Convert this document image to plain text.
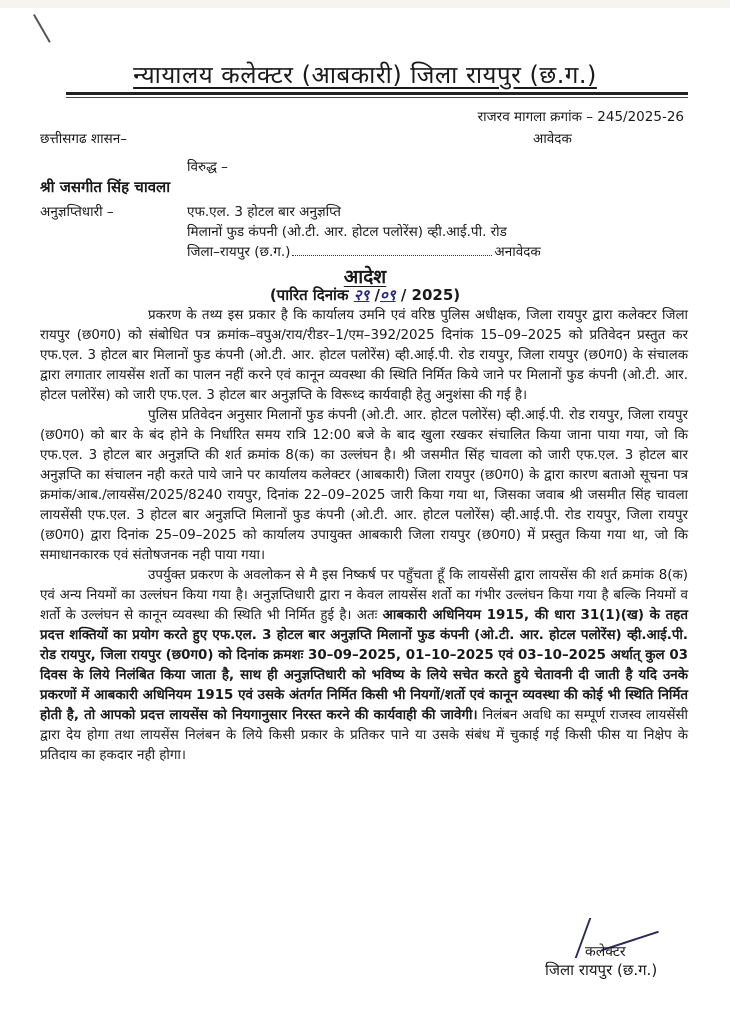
न्यायालय कलेक्टर (आबकारी) जिला रायपुर (छ.ग.)
राजरव मागला क्रगांक – 245/2025-26
छत्तीसगढ शासन–	आवेदक
विरुद्ध –
श्री जसगीत सिंह चावला
अनुज्ञप्तिधारी –	एफ.एल. 3 होटल बार अनुज्ञप्ति
मिलानों फुड कंपनी (ओ.टी. आर. होटल पलोरेंस) व्ही.आई.पी. रोड
जिला–रायपुर (छ.ग.)	अनावेदक
आदेश
(पारित दिनांक २९ /०९ / 2025)

प्रकरण के तथ्य इस प्रकार है कि कार्यालय उमनि एवं वरिष्ठ पुलिस अधीक्षक, जिला रायपुर द्वारा कलेक्टर जिला रायपुर (छ0ग0) को संबोधित पत्र क्रमांक–वपुअ/राय/रीडर–1/एम–392/2025 दिनांक 15–09–2025 को प्रतिवेदन प्रस्तुत कर एफ.एल. 3 होटल बार मिलानों फुड कंपनी (ओ.टी. आर. होटल पलोरेंस) व्ही.आई.पी. रोड रायपुर, जिला रायपुर (छ0ग0) के संचालक द्वारा लगातार लायसेंस शर्तो का पालन नहीं करने एवं कानून व्यवस्था की स्थिति निर्मित किये जाने पर मिलानों फुड कंपनी (ओ.टी. आर. होटल पलोरेंस) को जारी एफ.एल. 3 होटल बार अनुज्ञप्ति के विरूध्द कार्यवाही हेतु अनुशंसा की गई है।

पुलिस प्रतिवेदन अनुसार मिलानों फुड कंपनी (ओ.टी. आर. होटल पलोरेंस) व्ही.आई.पी. रोड रायपुर, जिला रायपुर (छ0ग0) को बार के बंद होने के निर्धारित समय रात्रि 12:00 बजे के बाद खुला रखकर संचालित किया जाना पाया गया, जो कि एफ.एल. 3 होटल बार अनुज्ञप्ति की शर्त क्रमांक 8(क) का उल्लंघन है। श्री जसमीत सिंह चावला को जारी एफ.एल. 3 होटल बार अनुज्ञप्ति का संचालन नही करते पाये जाने पर कार्यालय कलेक्टर (आबकारी) जिला रायपुर (छ0ग0) के द्वारा कारण बताओ सूचना पत्र क्रमांक/आब./लायसेंस/2025/8240 रायपुर, दिनांक 22–09–2025 जारी किया गया था, जिसका जवाब श्री जसमीत सिंह चावला लायसेंसी एफ.एल. 3 होटल बार अनुज्ञप्ति मिलानों फुड कंपनी (ओ.टी. आर. होटल पलोरेंस) व्ही.आई.पी. रोड रायपुर, जिला रायपुर (छ0ग0) द्वारा दिनांक 25–09–2025 को कार्यालय उपायुक्त आबकारी जिला रायपुर (छ0ग0) में प्रस्तुत किया गया था, जो कि समाधानकारक एवं संतोषजनक नही पाया गया।

उपर्युक्त प्रकरण के अवलोकन से मै इस निष्कर्ष पर पहुँचता हूँ कि लायसेंसी द्वारा लायसेंस की शर्त क्रमांक 8(क) एवं अन्य नियमों का उल्लंघन किया गया है। अनुज्ञप्तिधारी द्वारा न केवल लायसेंस शर्तो का गंभीर उल्लंघन किया गया है बल्कि नियमों व शर्तो के उल्लंघन से कानून व्यवस्था की स्थिति भी निर्मित हुई है। अतः आबकारी अधिनियम 1915, की धारा 31(1)(ख) के तहत प्रदत्त शक्तियों का प्रयोग करते हुए एफ.एल. 3 होटल बार अनुज्ञप्ति मिलानों फुड कंपनी (ओ.टी. आर. होटल पलोरेंस) व्ही.आई.पी. रोड रायपुर, जिला रायपुर (छ0ग0) को दिनांक क्रमशः 30–09–2025, 01–10–2025 एवं 03–10–2025 अर्थात् कुल 03 दिवस के लिये निलंबित किया जाता है, साथ ही अनुज्ञप्तिधारी को भविष्य के लिये सचेत करते हुये चेतावनी दी जाती है यदि उनके प्रकरणों में आबकारी अधिनियम 1915 एवं उसके अंतर्गत निर्मित किसी भी नियगों/शर्तो एवं कानून व्यवस्था की कोई भी स्थिति निर्मित होती है, तो आपको प्रदत्त लायसेंस को नियगानुसार निरस्त करने की कार्यवाही की जावेगी। निलंबन अवधि का सम्पूर्ण राजस्व लायसेंसी द्वारा देय होगा तथा लायसेंस निलंबन के लिये किसी प्रकार के प्रतिकर पाने या उसके संबंध में चुकाई गई किसी फीस या निक्षेप के प्रतिदाय का हकदार नही होगा।

कलेक्टर
जिला रायपुर (छ.ग.)
